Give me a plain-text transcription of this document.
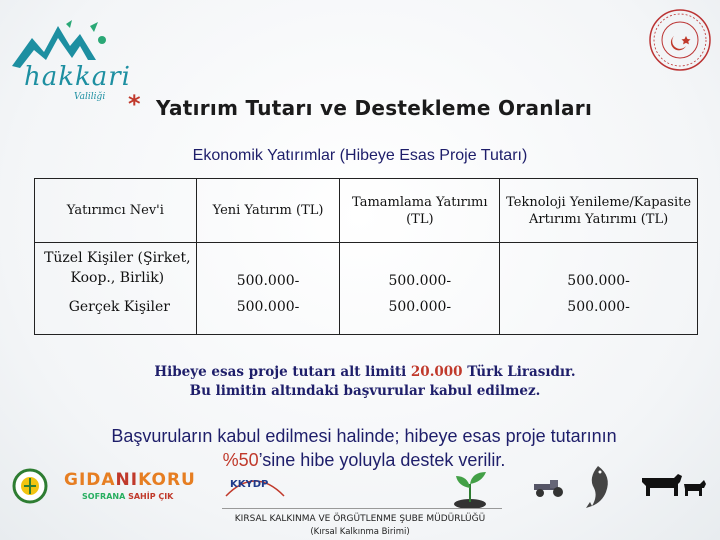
hakkari
Valiliği * Yatırım Tutarı ve Destekleme Oranları
Ekonomik Yatırımlar (Hibeye Esas Proje Tutarı)
Yatırımcı Nev'i	Yeni Yatırım (TL)	Tamamlama Yatırımı (TL)	Teknoloji Yenileme/Kapasite Artırımı Yatırımı (TL)
Tüzel Kişiler (Şirket, Koop., Birlik)	500.000-	500.000-	500.000-
Gerçek Kişiler	500.000-	500.000-	500.000-
Hibeye esas proje tutarı alt limiti 20.000 Türk Lirasıdır.
Bu limitin altındaki başvurular kabul edilmez.
Başvuruların kabul edilmesi halinde; hibeye esas proje tutarının
%50’sine hibe yoluyla destek verilir.
GIDANIKORU
SOFRANA SAHİP ÇIK
KKYDP
KIRSAL KALKINMA VE ÖRGÜTLENME ŞUBE MÜDÜRLÜĞÜ
(Kırsal Kalkınma Birimi)
